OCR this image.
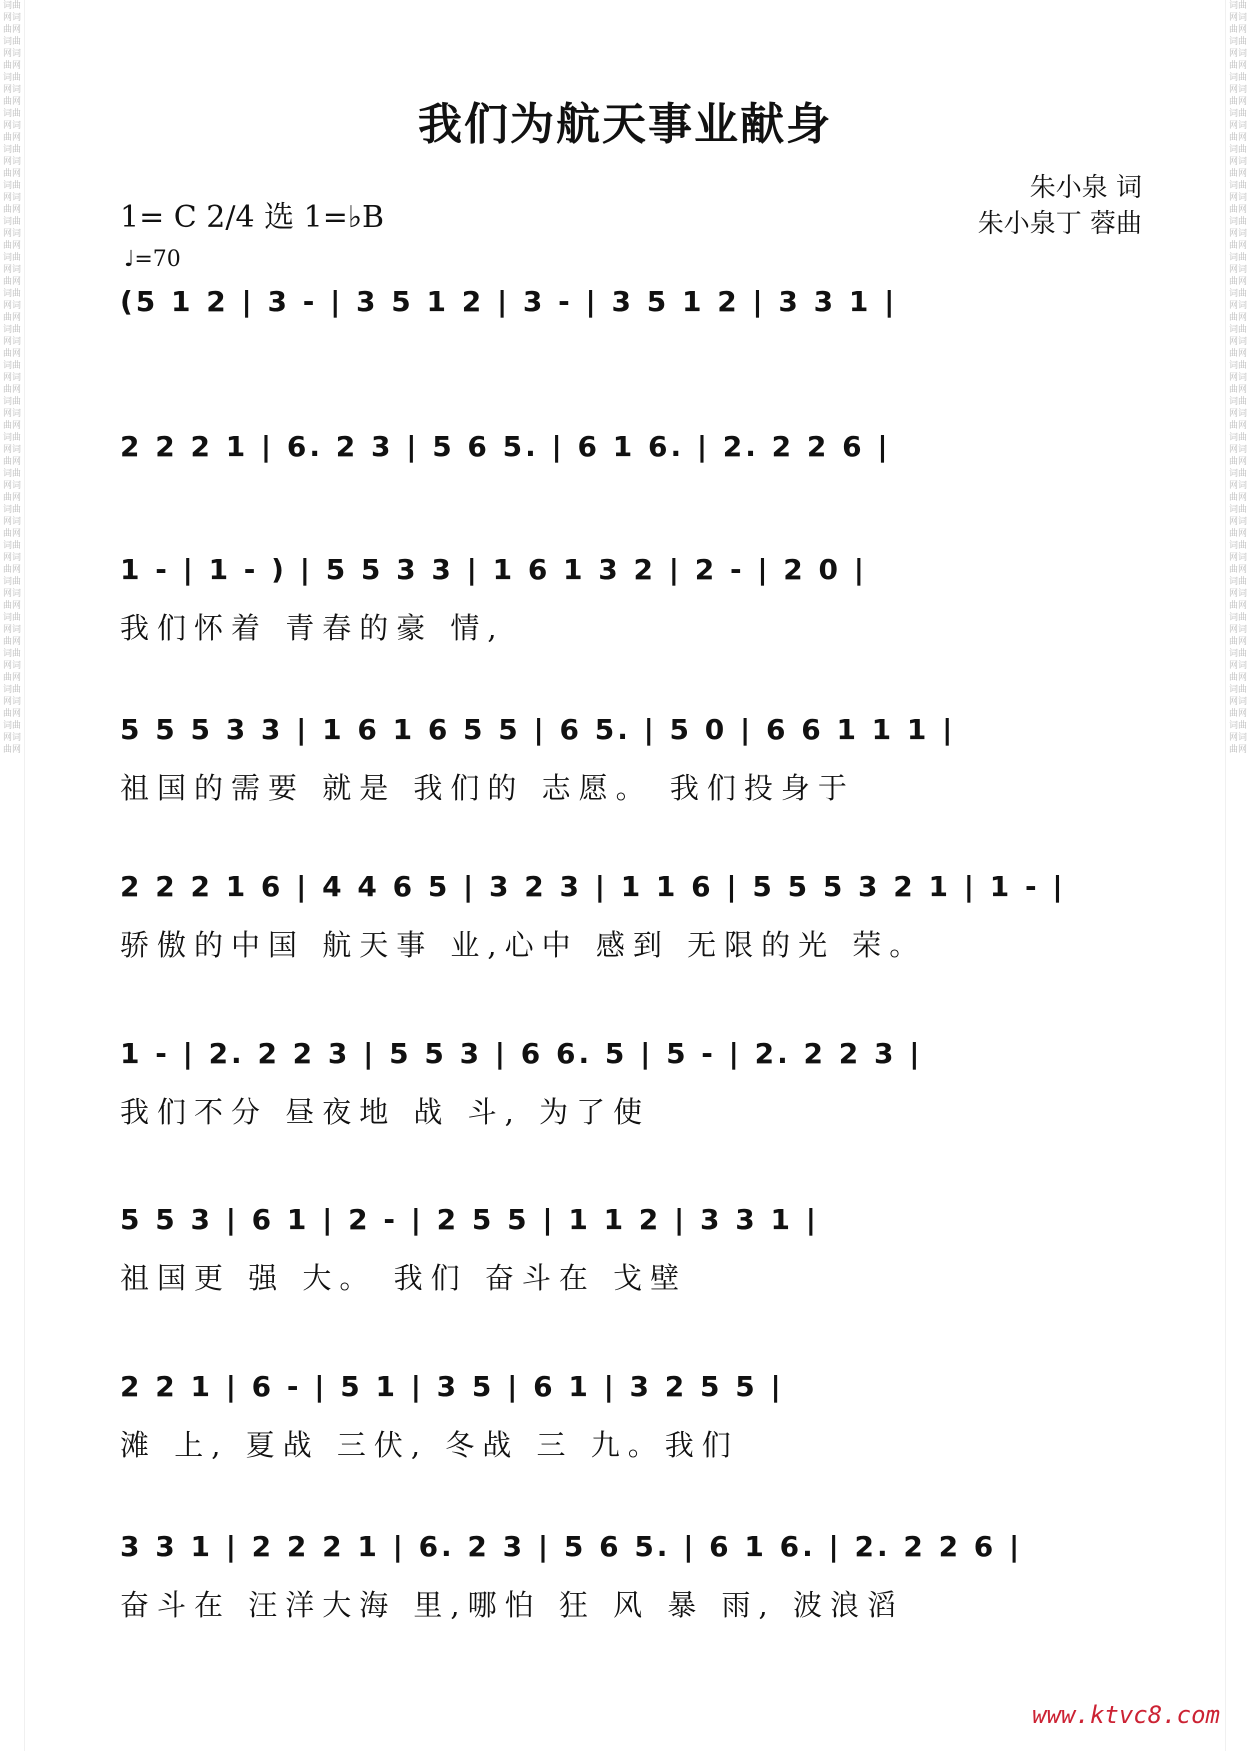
词曲网词曲网词曲网词曲网词曲网词曲网词曲网词曲网词曲网词曲网词曲网词曲网词曲网词曲网词曲网词曲网词曲网词曲网词曲网词曲网词曲网词曲网词曲网词曲网词曲网词曲网词曲网词曲网词曲网词曲网词曲网词曲网词曲网词曲网词曲网词曲网词曲网词曲网词曲网词曲网词曲网词曲网
词曲网词曲网词曲网词曲网词曲网词曲网词曲网词曲网词曲网词曲网词曲网词曲网词曲网词曲网词曲网词曲网词曲网词曲网词曲网词曲网词曲网词曲网词曲网词曲网词曲网词曲网词曲网词曲网词曲网词曲网词曲网词曲网词曲网词曲网词曲网词曲网词曲网词曲网词曲网词曲网词曲网词曲网
我们为航天事业献身
朱小泉 词
朱小泉丁 蓉曲
1= C 2/4 选 1=♭B
♩=70
(5 1 2 | 3 - | 3 5 1 2 | 3 - | 3 5 1 2 | 3 3 1 |
2 2 2 1 | 6. 2 3 | 5 6 5. | 6 1 6. | 2. 2 2 6 |
1 - | 1 - ) | 5 5 3 3 | 1 6 1 3 2 | 2 - | 2 0 |
我们怀着 青春的豪 情,
5 5 5 3 3 | 1 6 1 6 5 5 | 6 5. | 5 0 | 6 6 1 1 1 |
祖国的需要 就是 我们的 志愿。 我们投身于
2 2 2 1 6 | 4 4 6 5 | 3 2 3 | 1 1 6 | 5 5 5 3 2 1 | 1 - |
骄傲的中国 航天事 业,心中 感到 无限的光 荣。
1 - | 2. 2 2 3 | 5 5 3 | 6 6. 5 | 5 - | 2. 2 2 3 |
我们不分 昼夜地 战 斗, 为了使
5 5 3 | 6 1 | 2 - | 2 5 5 | 1 1 2 | 3 3 1 |
祖国更 强 大。 我们 奋斗在 戈壁
2 2 1 | 6 - | 5 1 | 3 5 | 6 1 | 3 2 5 5 |
滩 上, 夏战 三伏, 冬战 三 九。我们
3 3 1 | 2 2 2 1 | 6. 2 3 | 5 6 5. | 6 1 6. | 2. 2 2 6 |
奋斗在 汪洋大海 里,哪怕 狂 风 暴 雨, 波浪滔
www.ktvc8.com
